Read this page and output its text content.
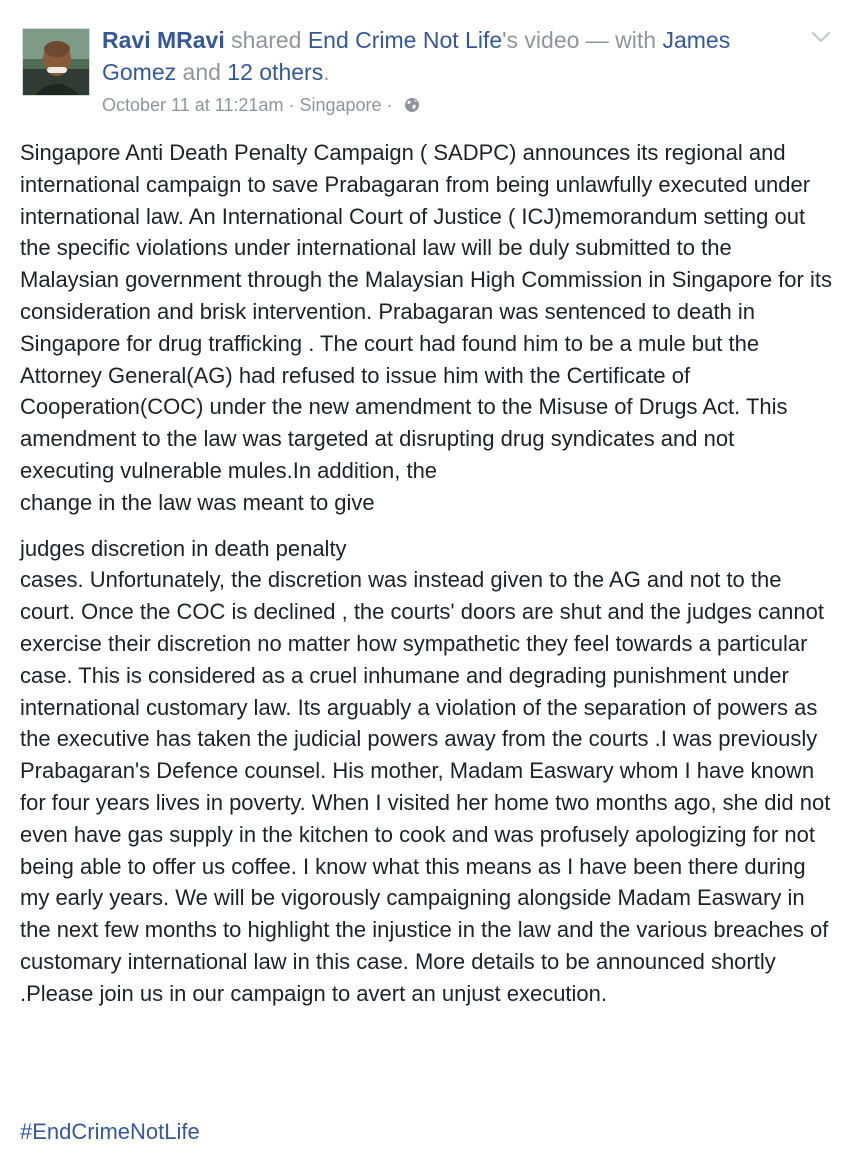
Ravi MRavi shared End Crime Not Life's video — with James Gomez and 12 others.
October 11 at 11:21am · Singapore ·

Singapore Anti Death Penalty Campaign ( SADPC) announces its regional and international campaign to save Prabagaran from being unlawfully executed under international law. An International Court of Justice ( ICJ)memorandum setting out the specific violations under international law will be duly submitted to the Malaysian government through the Malaysian High Commission in Singapore for its consideration and brisk intervention. Prabagaran was sentenced to death in Singapore for drug trafficking . The court had found him to be a mule but the Attorney General(AG) had refused to issue him with the Certificate of Cooperation(COC) under the new amendment to the Misuse of Drugs Act. This amendment to the law was targeted at disrupting drug syndicates and not executing vulnerable mules.In addition, the

change in the law was meant to give

judges discretion in death penalty

cases. Unfortunately, the discretion was instead given to the AG and not to the court. Once the COC is declined , the courts' doors are shut and the judges cannot exercise their discretion no matter how sympathetic they feel towards a particular case. This is considered as a cruel inhumane and degrading punishment under international customary law. Its arguably a violation of the separation of powers as the executive has taken the judicial powers away from the courts .I was previously Prabagaran's Defence counsel. His mother, Madam Easwary whom I have known for four years lives in poverty. When I visited her home two months ago, she did not even have gas supply in the kitchen to cook and was profusely apologizing for not being able to offer us coffee. I know what this means as I have been there during my early years. We will be vigorously campaigning alongside Madam Easwary in the next few months to highlight the injustice in the law and the various breaches of customary international law in this case. More details to be announced shortly .Please join us in our campaign to avert an unjust execution.

#EndCrimeNotLife
